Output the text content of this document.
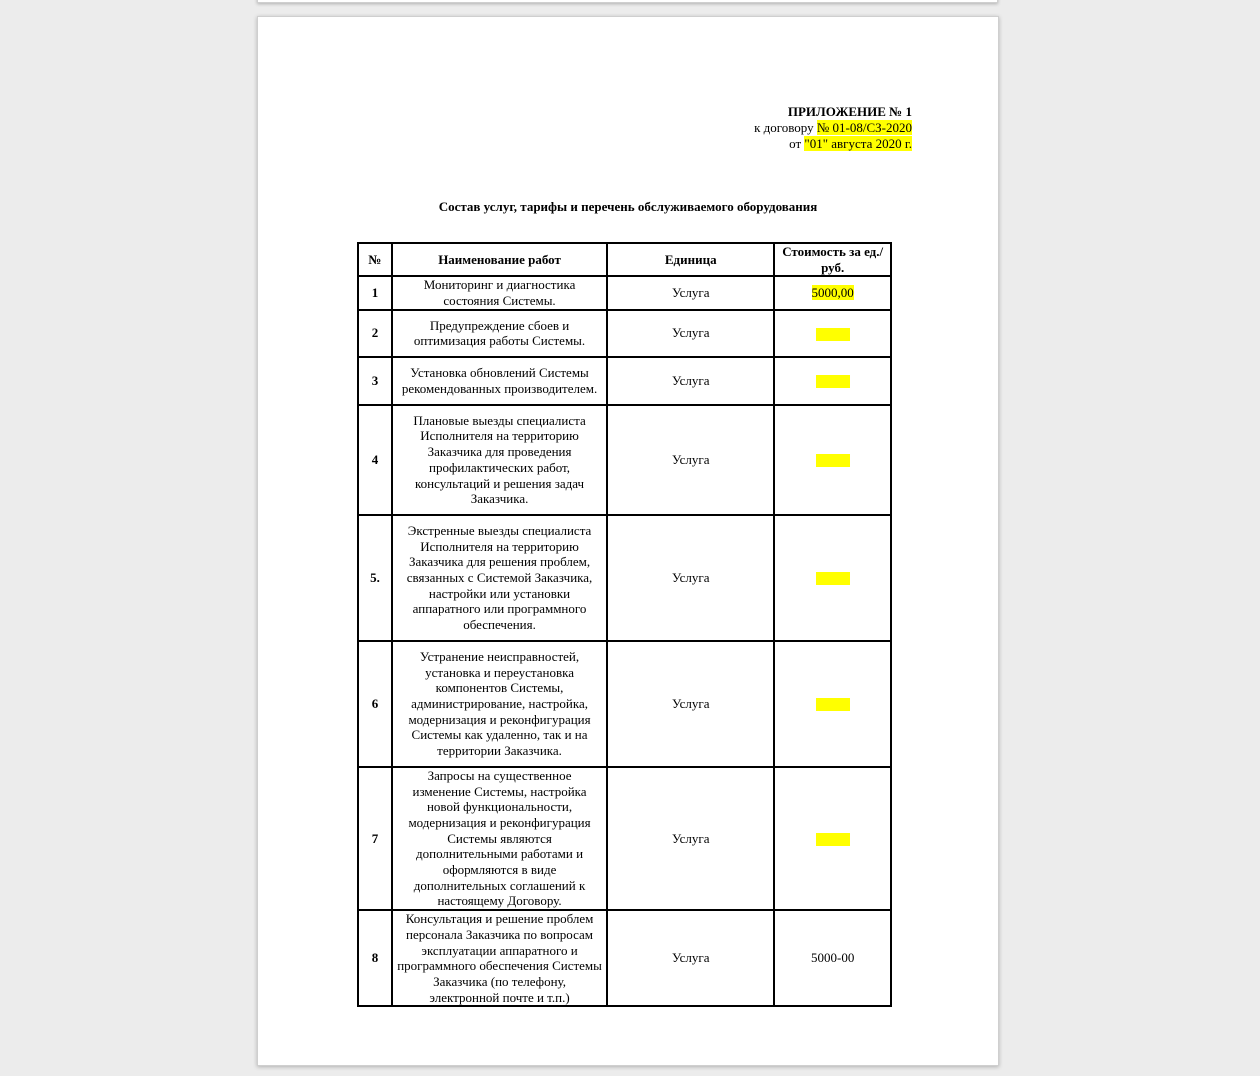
ПРИЛОЖЕНИЕ № 1
к договору № 01-08/СЗ-2020
от "01" августа 2020 г.
Состав услуг, тарифы и перечень обслуживаемого оборудования
№	Наименование работ	Единица	Стоимость за ед./руб.
1	Мониторинг и диагностика состояния Системы.	Услуга	5000,00
2	Предупреждение сбоев и оптимизация работы Системы.	Услуга	
3	Установка обновлений Системы рекомендованных производителем.	Услуга	
4	Плановые выезды специалиста Исполнителя на территорию Заказчика для проведения профилактических работ, консультаций и решения задач Заказчика.	Услуга	
5.	Экстренные выезды специалиста Исполнителя на территорию Заказчика для решения проблем, связанных с Системой Заказчика, настройки или установки аппаратного или программного обеспечения.	Услуга	
6	Устранение неисправностей, установка и переустановка компонентов Системы, администрирование, настройка, модернизация и реконфигурация Системы как удаленно, так и на территории Заказчика.	Услуга	
7	Запросы на существенное изменение Системы, настройка новой функциональности, модернизация и реконфигурация Системы являются дополнительными работами и оформляются в виде дополнительных соглашений к настоящему Договору.	Услуга	
8	Консультация и решение проблем персонала Заказчика по вопросам эксплуатации аппаратного и программного обеспечения Системы Заказчика (по телефону, электронной почте и т.п.)	Услуга	5000-00
